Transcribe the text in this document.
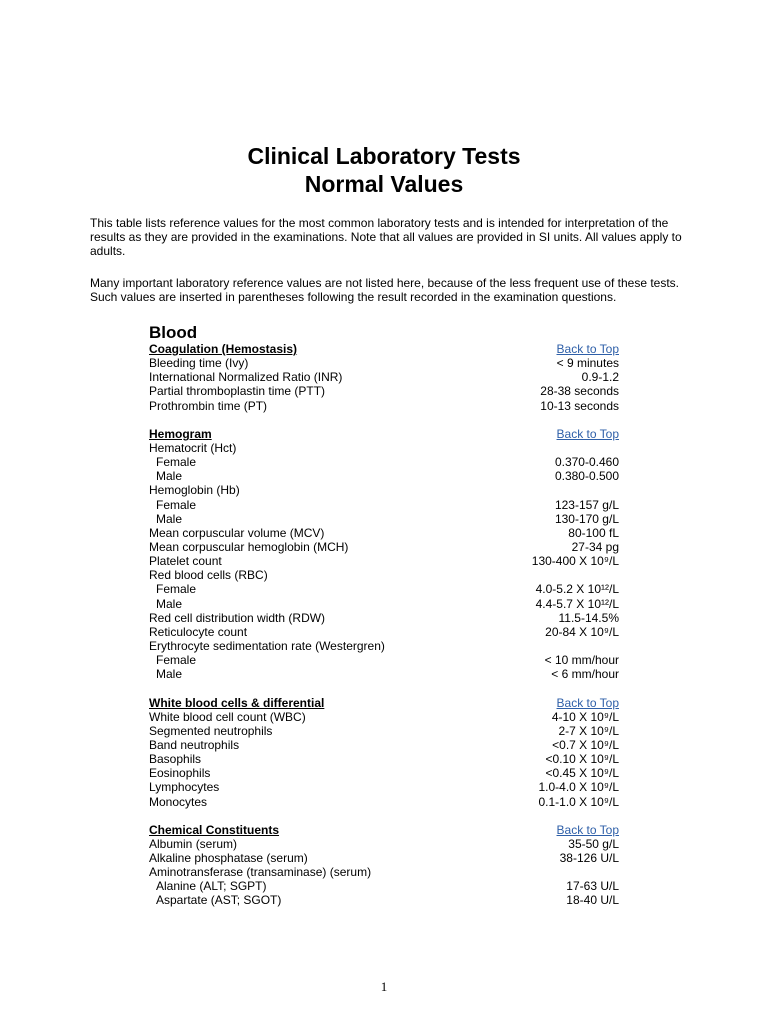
Clinical Laboratory Tests
Normal Values
This table lists reference values for the most common laboratory tests and is intended for interpretation of the results as they are provided in the examinations. Note that all values are provided in SI units. All values apply to adults.
Many important laboratory reference values are not listed here, because of the less frequent use of these tests. Such values are inserted in parentheses following the result recorded in the examination questions.
Blood
Coagulation (Hemostasis)	Back to Top
Bleeding time (Ivy)	< 9 minutes
International Normalized Ratio (INR)	0.9-1.2
Partial thromboplastin time (PTT)	28-38 seconds
Prothrombin time (PT)	10-13 seconds
Hemogram	Back to Top
Hematocrit (Hct)
Female	0.370-0.460
Male	0.380-0.500
Hemoglobin (Hb)
Female	123-157 g/L
Male	130-170 g/L
Mean corpuscular volume (MCV)	80-100 fL
Mean corpuscular hemoglobin (MCH)	27-34 pg
Platelet count	130-400 X 10⁹/L
Red blood cells (RBC)
Female	4.0-5.2 X 10¹²/L
Male	4.4-5.7 X 10¹²/L
Red cell distribution width (RDW)	11.5-14.5%
Reticulocyte count	20-84 X 10⁹/L
Erythrocyte sedimentation rate (Westergren)
Female	< 10 mm/hour
Male	< 6 mm/hour
White blood cells & differential	Back to Top
White blood cell count (WBC)	4-10 X 10⁹/L
Segmented neutrophils	2-7 X 10⁹/L
Band neutrophils	<0.7 X 10⁹/L
Basophils	<0.10 X 10⁹/L
Eosinophils	<0.45 X 10⁹/L
Lymphocytes	1.0-4.0 X 10⁹/L
Monocytes	0.1-1.0 X 10⁹/L
Chemical Constituents	Back to Top
Albumin (serum)	35-50 g/L
Alkaline phosphatase (serum)	38-126 U/L
Aminotransferase (transaminase) (serum)
Alanine (ALT; SGPT)	17-63 U/L
Aspartate (AST; SGOT)	18-40 U/L
1
